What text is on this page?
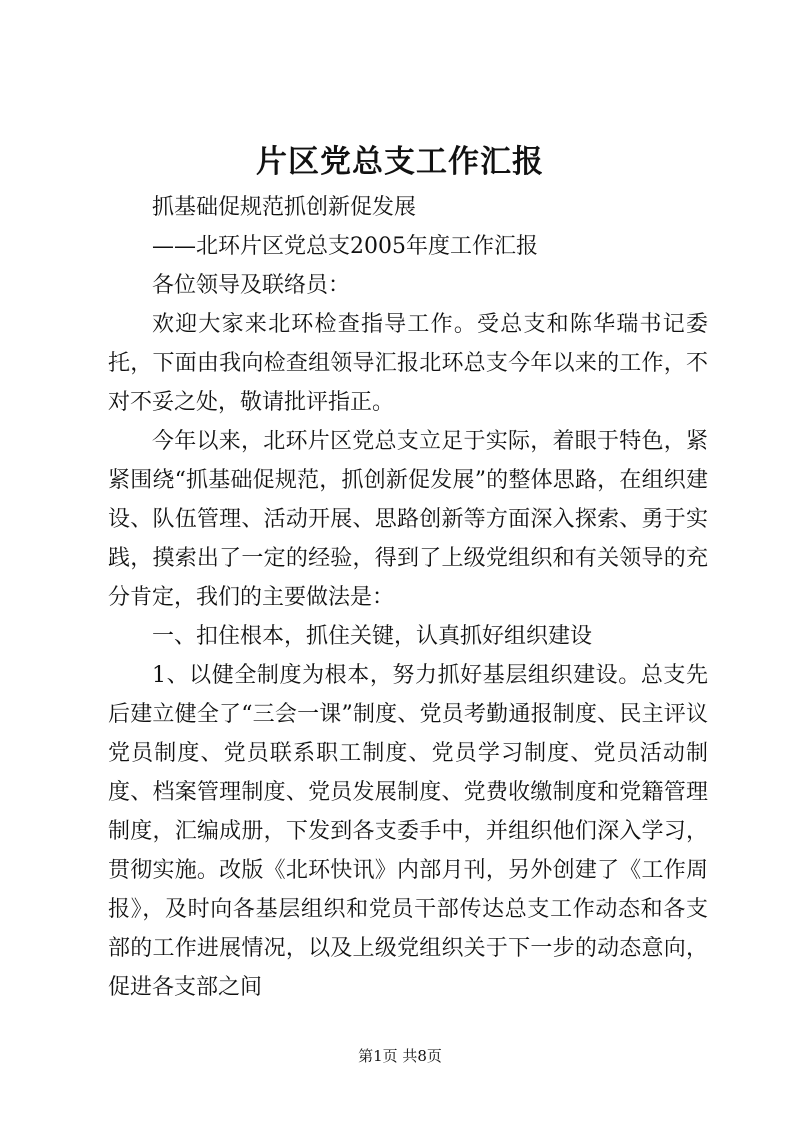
片区党总支工作汇报

抓基础促规范抓创新促发展

——北环片区党总支2005年度工作汇报

各位领导及联络员：

欢迎大家来北环检查指导工作。受总支和陈华瑞书记委托，下面由我向检查组领导汇报北环总支今年以来的工作，不对不妥之处，敬请批评指正。

今年以来，北环片区党总支立足于实际，着眼于特色，紧紧围绕“抓基础促规范，抓创新促发展”的整体思路，在组织建设、队伍管理、活动开展、思路创新等方面深入探索、勇于实践，摸索出了一定的经验，得到了上级党组织和有关领导的充分肯定，我们的主要做法是：

一、扣住根本，抓住关键，认真抓好组织建设

1、以健全制度为根本，努力抓好基层组织建设。总支先后建立健全了“三会一课”制度、党员考勤通报制度、民主评议党员制度、党员联系职工制度、党员学习制度、党员活动制度、档案管理制度、党员发展制度、党费收缴制度和党籍管理制度，汇编成册，下发到各支委手中，并组织他们深入学习，贯彻实施。改版《北环快讯》内部月刊，另外创建了《工作周报》，及时向各基层组织和党员干部传达总支工作动态和各支部的工作进展情况，以及上级党组织关于下一步的动态意向，促进各支部之间

第1页 共8页
